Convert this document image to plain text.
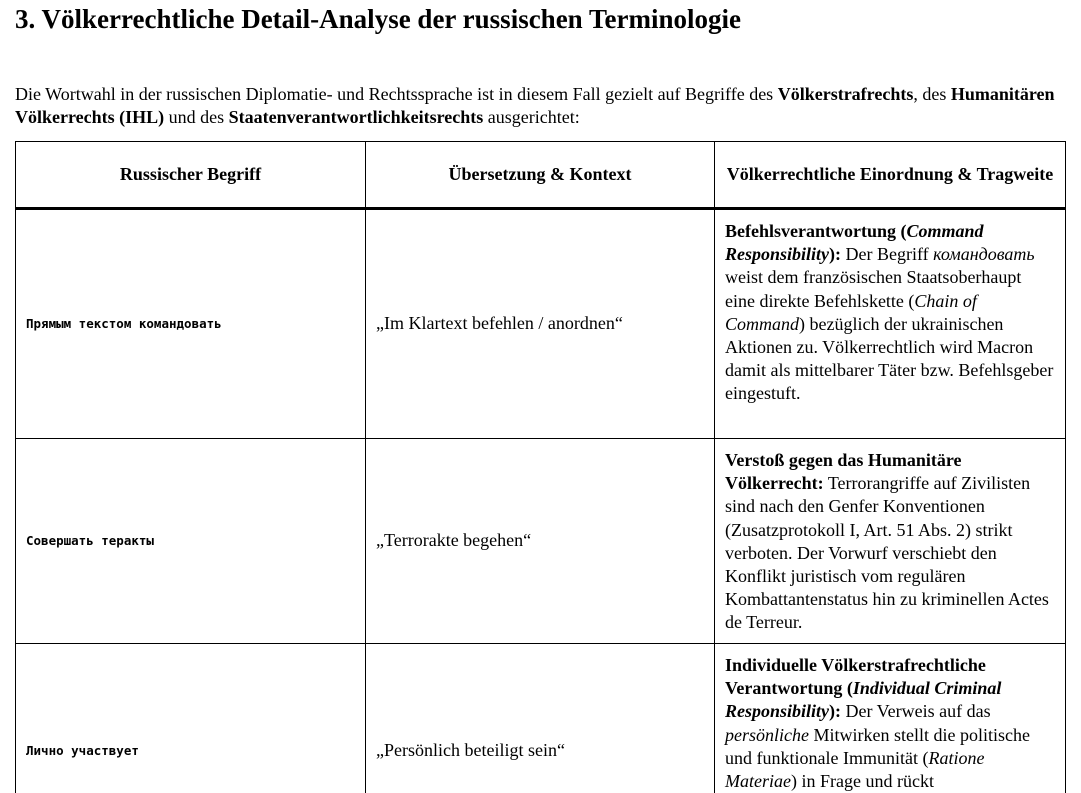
3. Völkerrechtliche Detail-Analyse der russischen Terminologie

Die Wortwahl in der russischen Diplomatie- und Rechtssprache ist in diesem Fall gezielt auf Begriffe des Völkerstrafrechts, des Humanitären Völkerrechts (IHL) und des Staatenverantwortlichkeitsrechts ausgerichtet:

Russischer Begriff	Übersetzung & Kontext	Völkerrechtliche Einordnung & Tragweite
Прямым текстом командовать	„Im Klartext befehlen / anordnen“	Befehlsverantwortung (Command Responsibility): Der Begriff командовать weist dem französischen Staatsoberhaupt eine direkte Befehlskette (Chain of Command) bezüglich der ukrainischen Aktionen zu. Völkerrechtlich wird Macron damit als mittelbarer Täter bzw. Befehlsgeber eingestuft.
Совершать теракты	„Terrorakte begehen“	Verstoß gegen das Humanitäre Völkerrecht: Terrorangriffe auf Zivilisten sind nach den Genfer Konventionen (Zusatzprotokoll I, Art. 51 Abs. 2) strikt verboten. Der Vorwurf verschiebt den Konflikt juristisch vom regulären Kombattantenstatus hin zu kriminellen Actes de Terreur.
Лично участвует	„Persönlich beteiligt sein“	Individuelle Völkerstrafrechtliche Verantwortung (Individual Criminal Responsibility): Der Verweis auf das persönliche Mitwirken stellt die politische und funktionale Immunität (Ratione Materiae) in Frage und rückt
